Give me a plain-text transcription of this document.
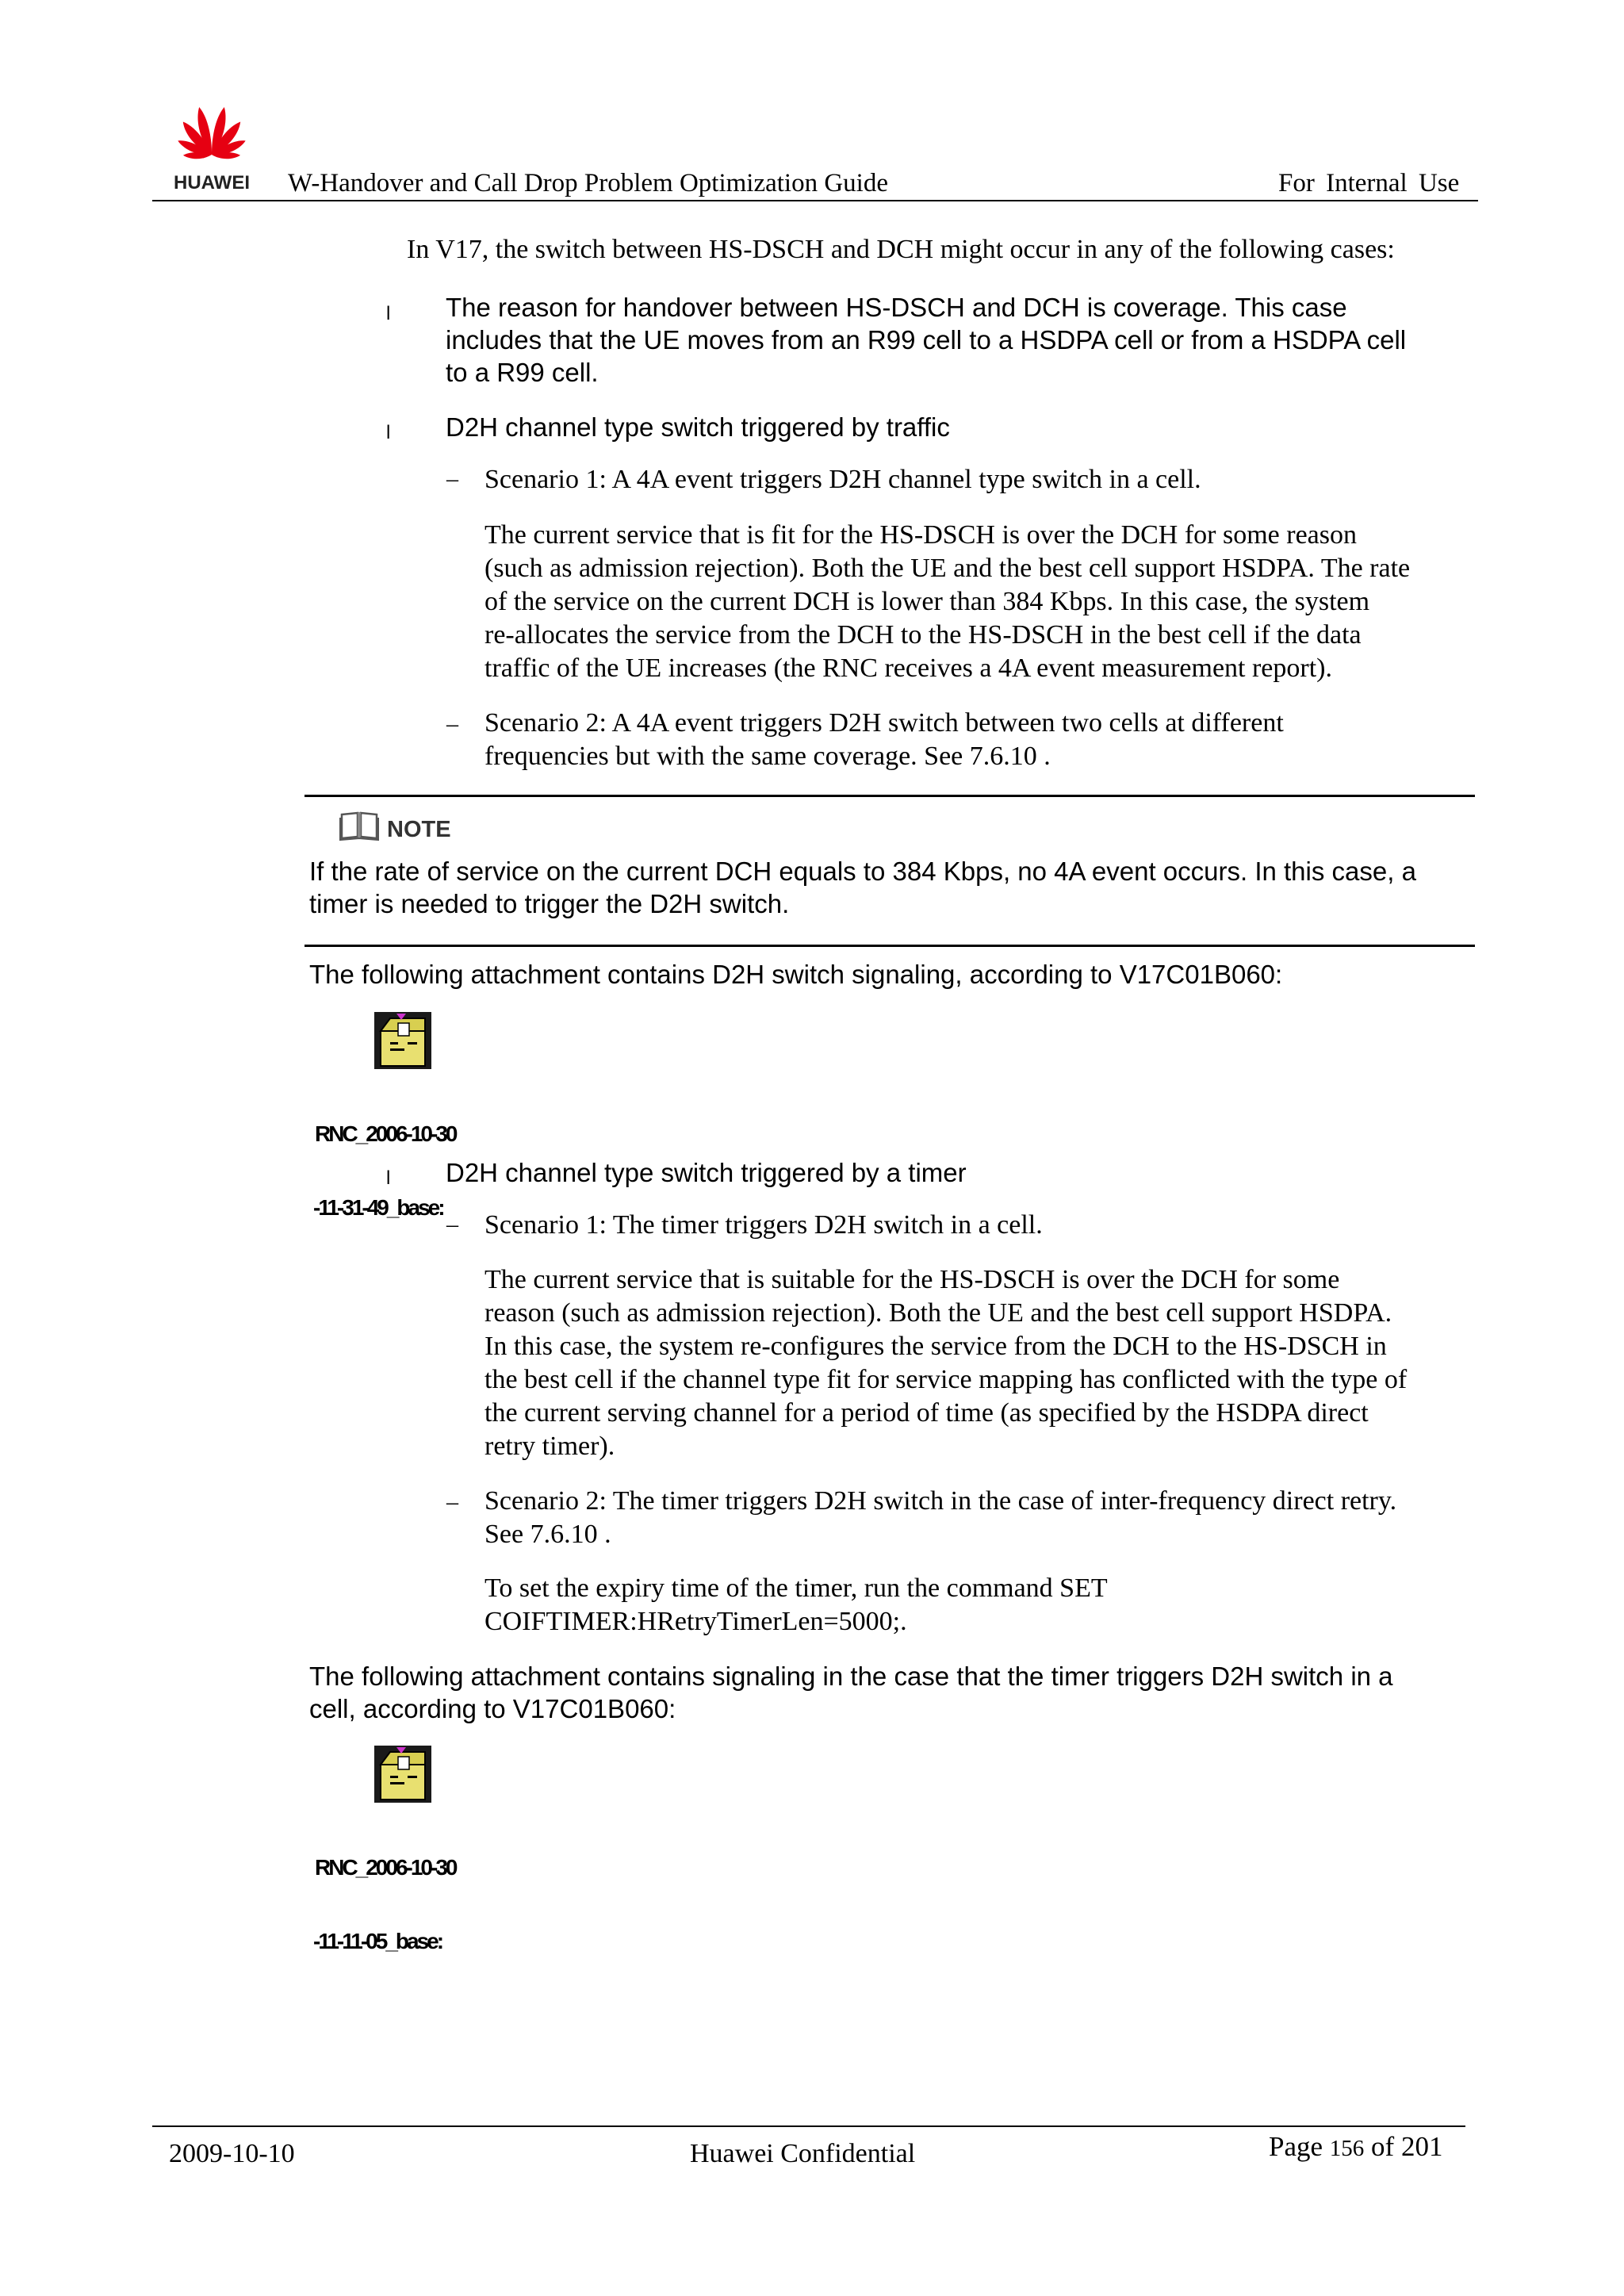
HUAWEI W-Handover and Call Drop Problem Optimization Guide	For Internal Use
In V17, the switch between HS-DSCH and DCH might occur in any of the following cases:
l The reason for handover between HS-DSCH and DCH is coverage. This case
includes that the UE moves from an R99 cell to a HSDPA cell or from a HSDPA cell
to a R99 cell.
l D2H channel type switch triggered by traffic
– Scenario 1: A 4A event triggers D2H channel type switch in a cell.
The current service that is fit for the HS-DSCH is over the DCH for some reason
(such as admission rejection). Both the UE and the best cell support HSDPA. The rate
of the service on the current DCH is lower than 384 Kbps. In this case, the system
re-allocates the service from the DCH to the HS-DSCH in the best cell if the data
traffic of the UE increases (the RNC receives a 4A event measurement report).
– Scenario 2: A 4A event triggers D2H switch between two cells at different
frequencies but with the same coverage. See 7.6.10 .
NOTE
If the rate of service on the current DCH equals to 384 Kbps, no 4A event occurs. In this case, a
timer is needed to trigger the D2H switch.
The following attachment contains D2H switch signaling, according to V17C01B060:

RNC_2006-10-30

-11-31-49_base:

l D2H channel type switch triggered by a timer
– Scenario 1: The timer triggers D2H switch in a cell.
The current service that is suitable for the HS-DSCH is over the DCH for some
reason (such as admission rejection). Both the UE and the best cell support HSDPA.
In this case, the system re-configures the service from the DCH to the HS-DSCH in
the best cell if the channel type fit for service mapping has conflicted with the type of
the current serving channel for a period of time (as specified by the HSDPA direct
retry timer).
– Scenario 2: The timer triggers D2H switch in the case of inter-frequency direct retry.
See 7.6.10 .
To set the expiry time of the timer, run the command SET
COIFTIMER:HRetryTimerLen=5000;.
The following attachment contains signaling in the case that the timer triggers D2H switch in a
cell, according to V17C01B060:

RNC_2006-10-30

-11-11-05_base:

2009-10-10	Huawei Confidential	Page 156 of 201
